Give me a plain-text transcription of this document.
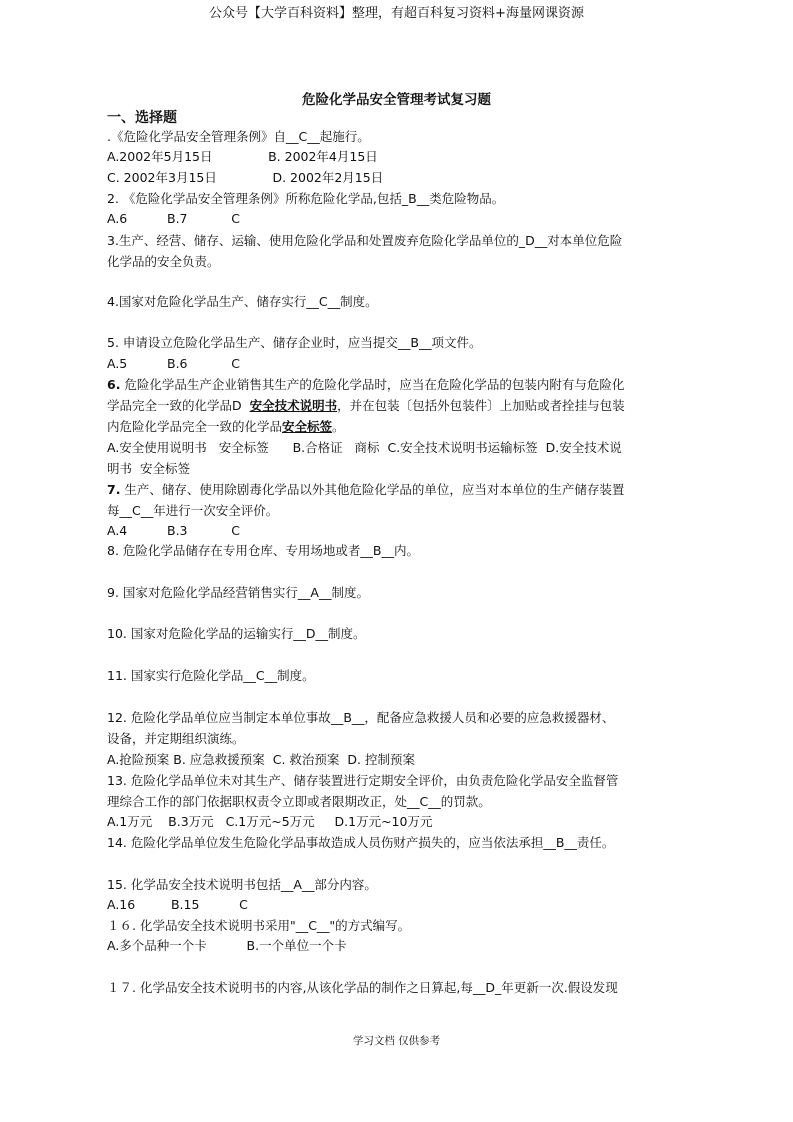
公众号【大学百科资料】整理，有超百科复习资料+海量网课资源
危险化学品安全管理考试复习题
一、选择题
.《危险化学品安全管理条例》自__C__起施行。
A.2002年5月15日              B. 2002年4月15日
C. 2002年3月15日              D. 2002年2月15日
2. 《危险化学品安全管理条例》所称危险化学品,包括_B__类危险物品。
A.6          B.7           C
3.生产、经营、储存、运输、使用危险化学品和处置废弃危险化学品单位的_D__对本单位危险
化学品的安全负责。
4.国家对危险化学品生产、储存实行__C__制度。
5. 申请设立危险化学品生产、储存企业时，应当提交__B__项文件。
A.5          B.6           C
6. 危险化学品生产企业销售其生产的危险化学品时，应当在危险化学品的包装内附有与危险化
学品完全一致的化学品D  安全技术说明书，并在包装〔包括外包装件〕上加贴或者拴挂与包装
内危险化学品完全一致的化学品安全标签。
A.安全使用说明书   安全标签      B.合格证   商标  C.安全技术说明书运输标签  D.安全技术说
明书  安全标签
7. 生产、储存、使用除剧毒化学品以外其他危险化学品的单位，应当对本单位的生产储存装置
每__C__年进行一次安全评价。
A.4          B.3           C
8. 危险化学品储存在专用仓库、专用场地或者__B__内。
9. 国家对危险化学品经营销售实行__A__制度。
10. 国家对危险化学品的运输实行__D__制度。
11. 国家实行危险化学品__C__制度。
12. 危险化学品单位应当制定本单位事故__B__，配备应急救援人员和必要的应急救援器材、
设备，并定期组织演练。
A.抢险预案 B. 应急救援预案  C. 救治预案  D. 控制预案
13. 危险化学品单位未对其生产、储存装置进行定期安全评价，由负责危险化学品安全监督管
理综合工作的部门依据职权责令立即或者限期改正，处__C__的罚款。
A.1万元    B.3万元   C.1万元~5万元     D.1万元~10万元
14. 危险化学品单位发生危险化学品事故造成人员伤财产损失的，应当依法承担__B__责任。
15. 化学品安全技术说明书包括__A__部分内容。
A.16         B.15          C
１６. 化学品安全技术说明书采用"__C__"的方式编写。
A.多个品种一个卡          B.一个单位一个卡
１７. 化学品安全技术说明书的内容,从该化学品的制作之日算起,每__D_年更新一次.假设发现
学习文档 仅供参考
